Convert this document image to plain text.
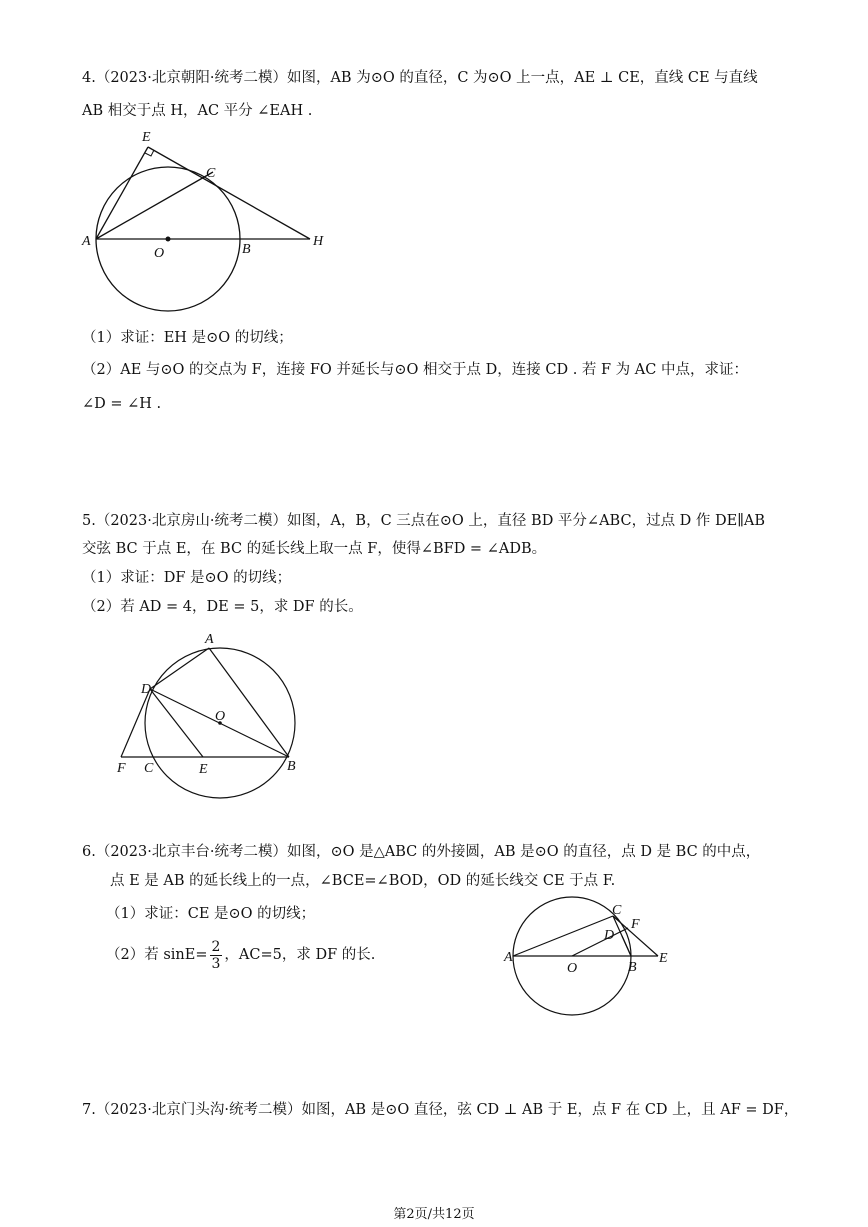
4.（2023·北京朝阳·统考二模）如图，AB 为⊙O 的直径，C 为⊙O 上一点，AE ⊥ CE，直线 CE 与直线
AB 相交于点 H，AC 平分 ∠EAH .
E
C
A
O	B
H
（1）求证：EH 是⊙O 的切线；
（2）AE 与⊙O 的交点为 F，连接 FO 并延长与⊙O 相交于点 D，连接 CD . 若 F 为 AC 中点，求证：
∠D = ∠H .
5.（2023·北京房山·统考二模）如图，A，B，C 三点在⊙O 上，直径 BD 平分∠ABC，过点 D 作 DE∥AB
交弦 BC 于点 E，在 BC 的延长线上取一点 F，使得∠BFD = ∠ADB。
（1）求证：DF 是⊙O 的切线；
（2）若 AD = 4，DE = 5，求 DF 的长。
A
D
O
F C	E	B
6.（2023·北京丰台·统考二模）如图，⊙O 是△ABC 的外接圆，AB 是⊙O 的直径，点 D 是 BC 的中点，
点 E 是 AB 的延长线上的一点，∠BCE=∠BOD，OD 的延长线交 CE 于点 F.
（1）求证：CE 是⊙O 的切线；
（2）若 $\sin E= \frac{2}{3}$ ，AC=5，求 DF 的长.
C
F
D
A
O	B
E
7.（2023·北京门头沟·统考二模）如图，AB 是⊙O 直径，弦 CD ⊥ AB 于 E，点 F 在 CD 上，且 AF = DF，
第2页/共12页
